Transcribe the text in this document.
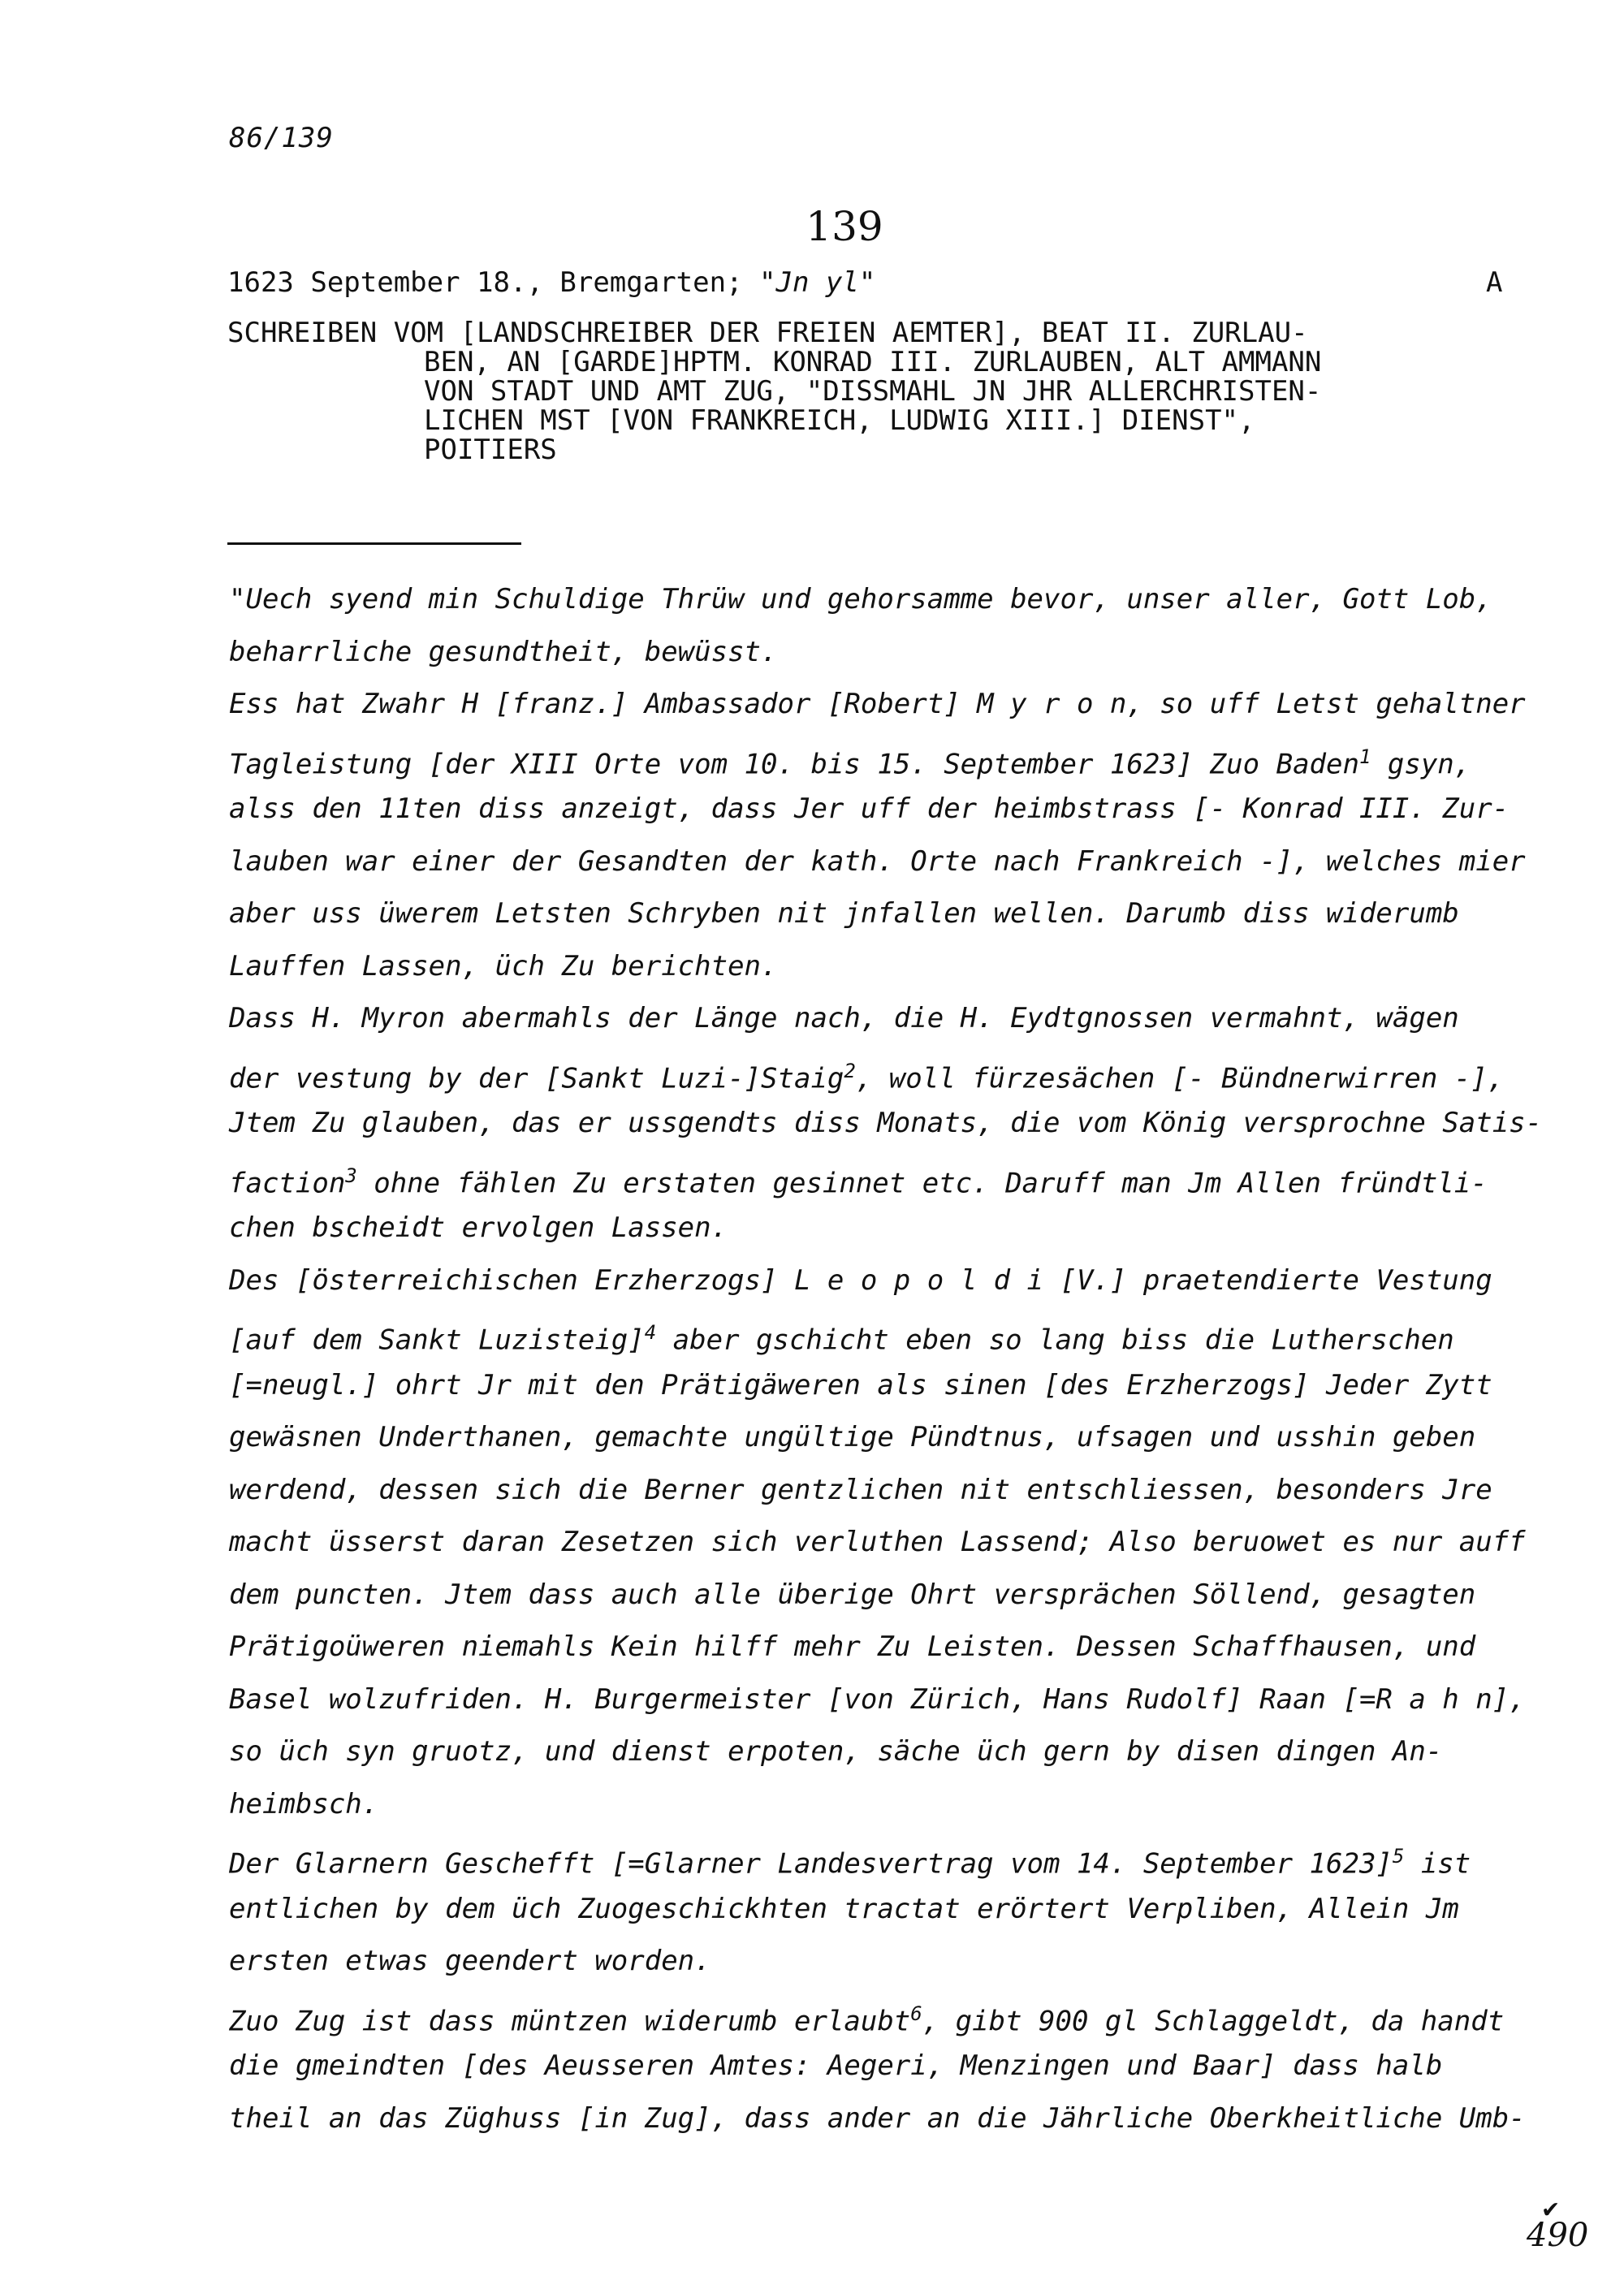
86/139
139
1623 September 18., Bremgarten; "Jn yl"	A
SCHREIBEN VOM [LANDSCHREIBER DER FREIEN AEMTER], BEAT II. ZURLAU-
BEN, AN [GARDE]HPTM. KONRAD III. ZURLAUBEN, ALT AMMANN
VON STADT UND AMT ZUG, "DISSMAHL JN JHR ALLERCHRISTEN-
LICHEN MST [VON FRANKREICH, LUDWIG XIII.] DIENST",
POITIERS
"Uech syend min Schuldige Thrüw und gehorsamme bevor, unser aller, Gott Lob,
beharrliche gesundtheit, bewüsst.
Ess hat Zwahr H [franz.] Ambassador [Robert] M y r o n, so uff Letst gehaltner
Tagleistung [der XIII Orte vom 10. bis 15. September 1623] Zuo Baden$^1$ gsyn,
alss den 11ten diss anzeigt, dass Jer uff der heimbstrass [- Konrad III. Zur-
lauben war einer der Gesandten der kath. Orte nach Frankreich -], welches mier
aber uss üwerem Letsten Schryben nit jnfallen wellen. Darumb diss widerumb
Lauffen Lassen, üch Zu berichten.
Dass H. Myron abermahls der Länge nach, die H. Eydtgnossen vermahnt, wägen
der vestung by der [Sankt Luzi-]Staig$^2$, woll fürzesächen [- Bündnerwirren -],
Jtem Zu glauben, das er ussgendts diss Monats, die vom König versprochne Satis-
faction$^3$ ohne fählen Zu erstaten gesinnet etc. Daruff man Jm Allen fründtli-
chen bscheidt ervolgen Lassen.
Des [österreichischen Erzherzogs] L e o p o l d i [V.] praetendierte Vestung
[auf dem Sankt Luzisteig]$^4$ aber gschicht eben so lang biss die Lutherschen
[=neugl.] ohrt Jr mit den Prätigäweren als sinen [des Erzherzogs] Jeder Zytt
gewäsnen Underthanen, gemachte ungültige Pündtnus, ufsagen und usshin geben
werdend, dessen sich die Berner gentzlichen nit entschliessen, besonders Jre
macht üsserst daran Zesetzen sich verluthen Lassend; Also beruowet es nur auff
dem puncten. Jtem dass auch alle überige Ohrt versprächen Söllend, gesagten
Prätigoüweren niemahls Kein hilff mehr Zu Leisten. Dessen Schaffhausen, und
Basel wolzufriden. H. Burgermeister [von Zürich, Hans Rudolf] Raan [=R a h n],
so üch syn gruotz, und dienst erpoten, säche üch gern by disen dingen An-
heimbsch.
Der Glarnern Geschefft [=Glarner Landesvertrag vom 14. September 1623]$^5$ ist
entlichen by dem üch Zuogeschickhten tractat erörtert Verpliben, Allein Jm
ersten etwas geendert worden.
Zuo Zug ist dass müntzen widerumb erlaubt$^6$, gibt 900 gl Schlaggeldt, da handt
die gmeindten [des Aeusseren Amtes: Aegeri, Menzingen und Baar] dass halb
theil an das Züghuss [in Zug], dass ander an die Jährliche Oberkheitliche Umb-
✔
490
